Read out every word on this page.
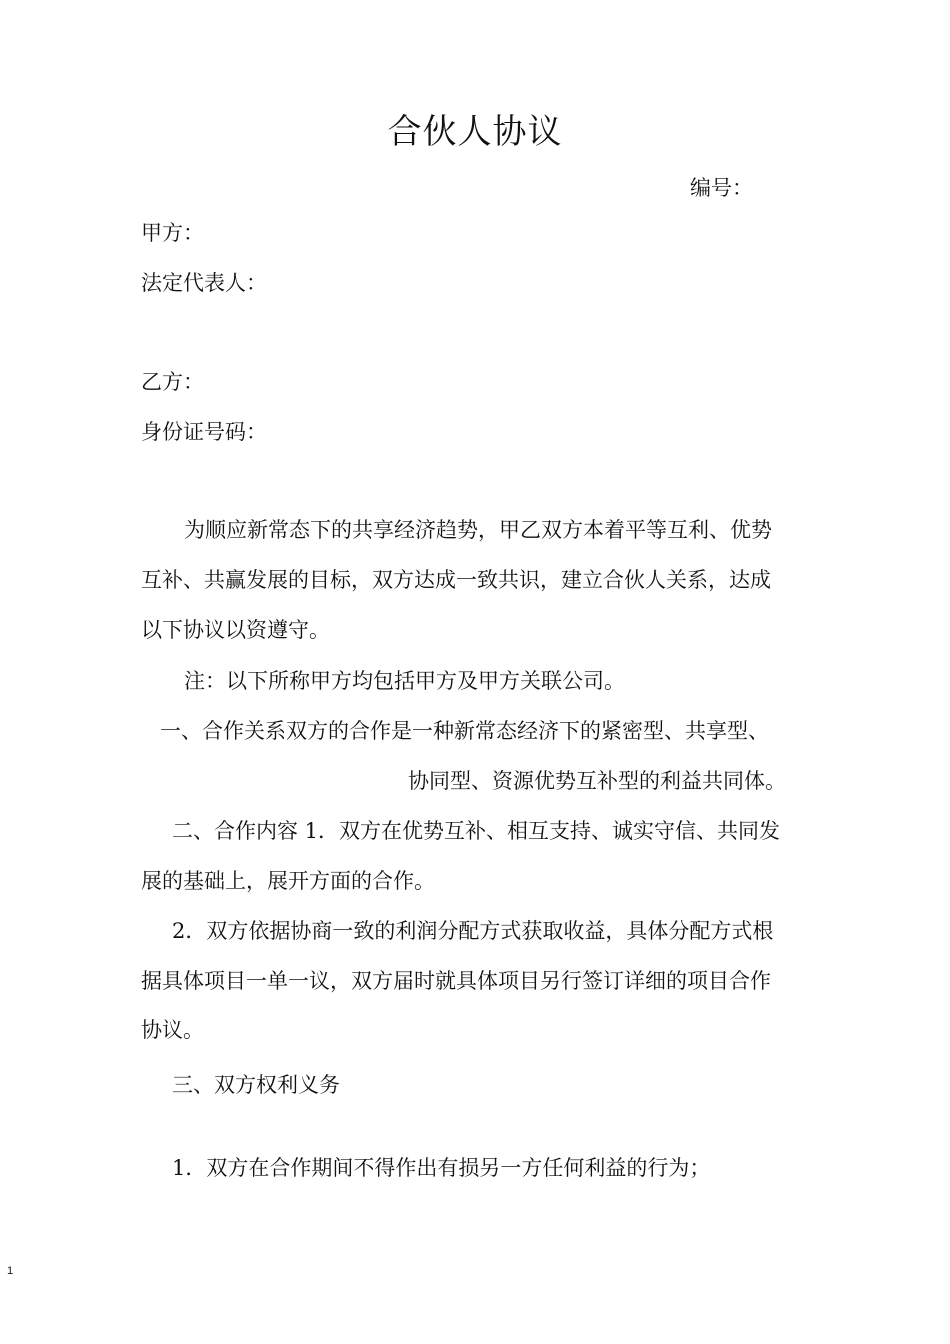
合伙人协议
编号：
甲方：
法定代表人：
乙方：
身份证号码：
为顺应新常态下的共享经济趋势，甲乙双方本着平等互利、优势
互补、共赢发展的目标，双方达成一致共识，建立合伙人关系，达成
以下协议以资遵守。
注：以下所称甲方均包括甲方及甲方关联公司。
一、合作关系双方的合作是一种新常态经济下的紧密型、共享型、
协同型、资源优势互补型的利益共同体。
二、合作内容 1．双方在优势互补、相互支持、诚实守信、共同发
展的基础上，展开方面的合作。
2．双方依据协商一致的利润分配方式获取收益，具体分配方式根
据具体项目一单一议，双方届时就具体项目另行签订详细的项目合作
协议。
三、双方权利义务
1．双方在合作期间不得作出有损另一方任何利益的行为；
1
